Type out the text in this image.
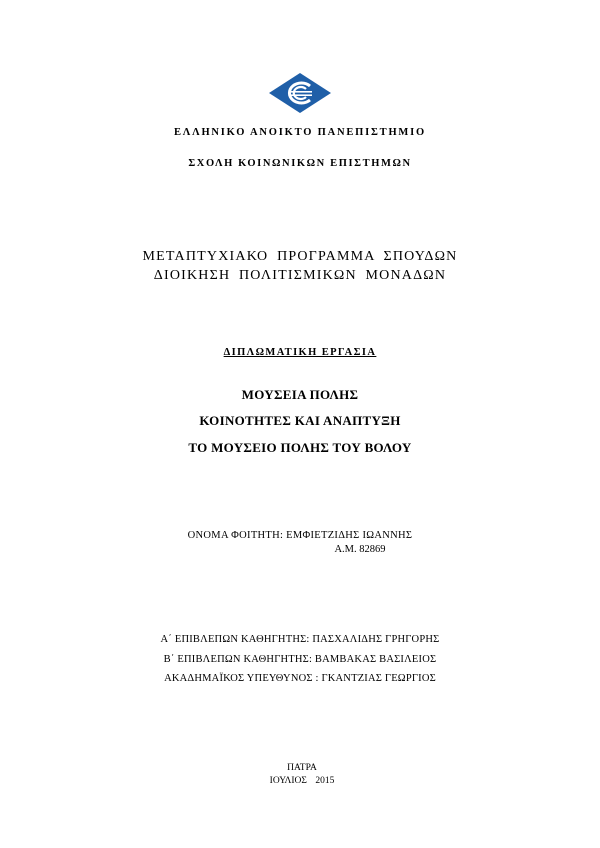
ΕΛΛΗΝΙΚΟ ΑΝΟΙΚΤΟ ΠΑΝΕΠΙΣΤΗΜΙΟ
ΣΧΟΛΗ ΚΟΙΝΩΝΙΚΩΝ ΕΠΙΣΤΗΜΩΝ
ΜΕΤΑΠΤΥΧΙΑΚΟ ΠΡΟΓΡΑΜΜΑ ΣΠΟΥΔΩΝ
ΔΙΟΙΚΗΣΗ ΠΟΛΙΤΙΣΜΙΚΩΝ ΜΟΝΑΔΩΝ
ΔΙΠΛΩΜΑΤΙΚΗ ΕΡΓΑΣΙΑ
ΜΟΥΣΕΙΑ ΠΟΛΗΣ
ΚΟΙΝΟΤΗΤΕΣ ΚΑΙ ΑΝΑΠΤΥΞΗ
ΤΟ ΜΟΥΣΕΙΟ ΠΟΛΗΣ ΤΟΥ ΒΟΛΟΥ
ΟΝΟΜΑ ΦΟΙΤΗΤΗ: ΕΜΦΙΕΤΖΙΔΗΣ ΙΩΑΝΝΗΣ
Α.Μ. 82869
Α΄ ΕΠΙΒΛΕΠΩΝ ΚΑΘΗΓΗΤΗΣ: ΠΑΣΧΑΛΙΔΗΣ ΓΡΗΓΟΡΗΣ
Β΄ ΕΠΙΒΛΕΠΩΝ ΚΑΘΗΓΗΤΗΣ: ΒΑΜΒΑΚΑΣ ΒΑΣΙΛΕΙΟΣ
ΑΚΑΔΗΜΑΪΚΟΣ ΥΠΕΥΘΥΝΟΣ : ΓΚΑΝΤΖΙΑΣ ΓΕΩΡΓΙΟΣ
ΠΑΤΡΑ
ΙΟΥΛΙΟΣ 2015
